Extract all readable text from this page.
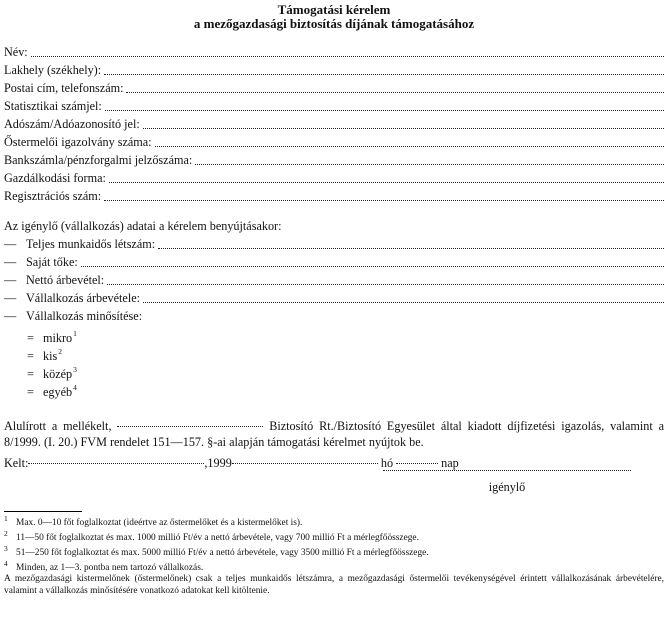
Támogatási kérelem
a mezőgazdasági biztosítás díjának támogatásához
Név:
Lakhely (székhely):
Postai cím, telefonszám:
Statisztikai számjel:
Adószám/Adóazonosító jel:
Őstermelői igazolvány száma:
Bankszámla/pénzforgalmi jelzőszáma:
Gazdálkodási forma:
Regisztrációs szám:
Az igénylő (vállalkozás) adatai a kérelem benyújtásakor:
— Teljes munkaidős létszám:
— Saját tőke:
— Nettó árbevétel:
— Vállalkozás árbevétele:
— Vállalkozás minősítése:
= mikro$^1$
= kis$^2$
= közép$^3$
= egyéb$^4$
Alulírott a mellékelt,	Biztosító Rt./Biztosító Egyesület által kiadott díjfizetési igazolás, valamint a 8/1999. (I. 20.) FVM rendelet 151—157. §-ai alapján támogatási kérelmet nyújtok be.
Kelt:	,1999	hó	nap
igénylő
1 Max. 0—10 főt foglalkoztat (ideértve az őstermelőket és a kistermelőket is).
2 11—50 főt foglalkoztat és max. 1000 millió Ft/év a nettó árbevétele, vagy 700 millió Ft a mérlegfőösszege.
3 51—250 főt foglalkoztat és max. 5000 millió Ft/év a nettó árbevétele, vagy 3500 millió Ft a mérlegfőösszege.
4 Minden, az 1—3. pontba nem tartozó vállalkozás.
A mezőgazdasági kistermelőnek (őstermelőnek) csak a teljes munkaidős létszámra, a mezőgazdasági őstermelői tevékenységével érintett vállalkozásának árbevételére, valamint a vállalkozás minősítésére vonatkozó adatokat kell kitöltenie.
